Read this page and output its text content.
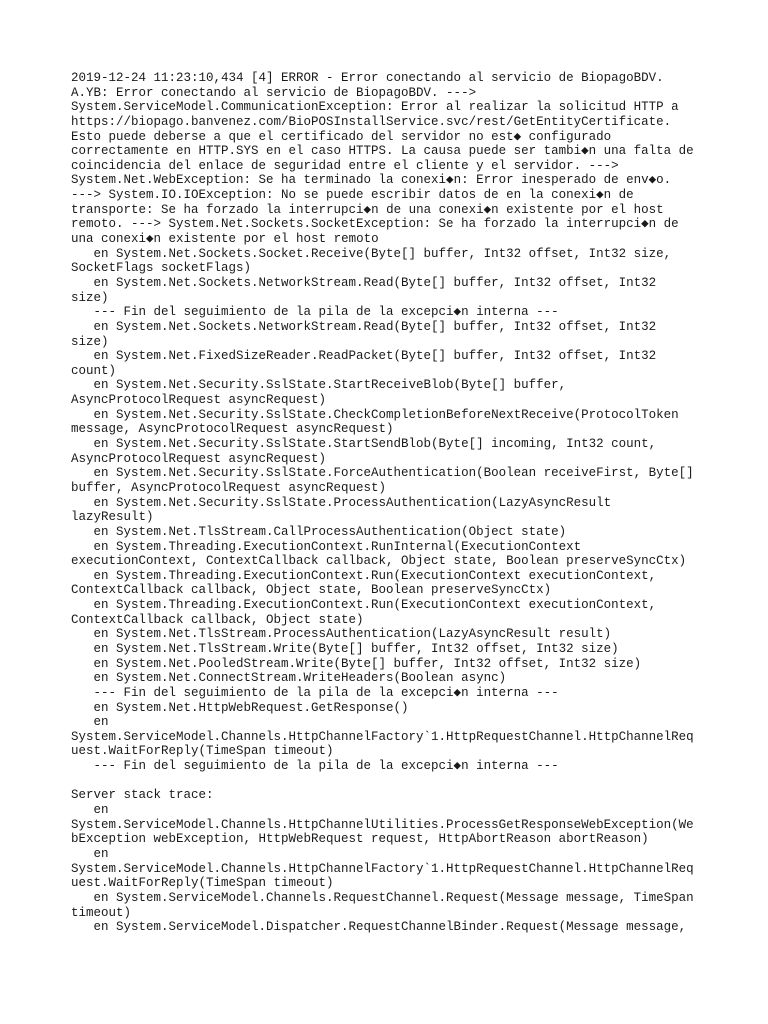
2019-12-24 11:23:10,434 [4] ERROR - Error conectando al servicio de BiopagoBDV.
A.YB: Error conectando al servicio de BiopagoBDV. --->
System.ServiceModel.CommunicationException: Error al realizar la solicitud HTTP a
https://biopago.banvenez.com/BioPOSInstallService.svc/rest/GetEntityCertificate.
Esto puede deberse a que el certificado del servidor no est◆ configurado
correctamente en HTTP.SYS en el caso HTTPS. La causa puede ser tambi◆n una falta de
coincidencia del enlace de seguridad entre el cliente y el servidor. --->
System.Net.WebException: Se ha terminado la conexi◆n: Error inesperado de env◆o.
---> System.IO.IOException: No se puede escribir datos de en la conexi◆n de
transporte: Se ha forzado la interrupci◆n de una conexi◆n existente por el host
remoto. ---> System.Net.Sockets.SocketException: Se ha forzado la interrupci◆n de
una conexi◆n existente por el host remoto
en System.Net.Sockets.Socket.Receive(Byte[] buffer, Int32 offset, Int32 size,
SocketFlags socketFlags)
en System.Net.Sockets.NetworkStream.Read(Byte[] buffer, Int32 offset, Int32
size)
--- Fin del seguimiento de la pila de la excepci◆n interna ---
en System.Net.Sockets.NetworkStream.Read(Byte[] buffer, Int32 offset, Int32
size)
en System.Net.FixedSizeReader.ReadPacket(Byte[] buffer, Int32 offset, Int32
count)
en System.Net.Security.SslState.StartReceiveBlob(Byte[] buffer,
AsyncProtocolRequest asyncRequest)
en System.Net.Security.SslState.CheckCompletionBeforeNextReceive(ProtocolToken
message, AsyncProtocolRequest asyncRequest)
en System.Net.Security.SslState.StartSendBlob(Byte[] incoming, Int32 count,
AsyncProtocolRequest asyncRequest)
en System.Net.Security.SslState.ForceAuthentication(Boolean receiveFirst, Byte[]
buffer, AsyncProtocolRequest asyncRequest)
en System.Net.Security.SslState.ProcessAuthentication(LazyAsyncResult
lazyResult)
en System.Net.TlsStream.CallProcessAuthentication(Object state)
en System.Threading.ExecutionContext.RunInternal(ExecutionContext
executionContext, ContextCallback callback, Object state, Boolean preserveSyncCtx)
en System.Threading.ExecutionContext.Run(ExecutionContext executionContext,
ContextCallback callback, Object state, Boolean preserveSyncCtx)
en System.Threading.ExecutionContext.Run(ExecutionContext executionContext,
ContextCallback callback, Object state)
en System.Net.TlsStream.ProcessAuthentication(LazyAsyncResult result)
en System.Net.TlsStream.Write(Byte[] buffer, Int32 offset, Int32 size)
en System.Net.PooledStream.Write(Byte[] buffer, Int32 offset, Int32 size)
en System.Net.ConnectStream.WriteHeaders(Boolean async)
--- Fin del seguimiento de la pila de la excepci◆n interna ---
en System.Net.HttpWebRequest.GetResponse()
en
System.ServiceModel.Channels.HttpChannelFactory`1.HttpRequestChannel.HttpChannelReq
uest.WaitForReply(TimeSpan timeout)
--- Fin del seguimiento de la pila de la excepci◆n interna ---
Server stack trace:
en
System.ServiceModel.Channels.HttpChannelUtilities.ProcessGetResponseWebException(We
bException webException, HttpWebRequest request, HttpAbortReason abortReason)
en
System.ServiceModel.Channels.HttpChannelFactory`1.HttpRequestChannel.HttpChannelReq
uest.WaitForReply(TimeSpan timeout)
en System.ServiceModel.Channels.RequestChannel.Request(Message message, TimeSpan
timeout)
en System.ServiceModel.Dispatcher.RequestChannelBinder.Request(Message message,
